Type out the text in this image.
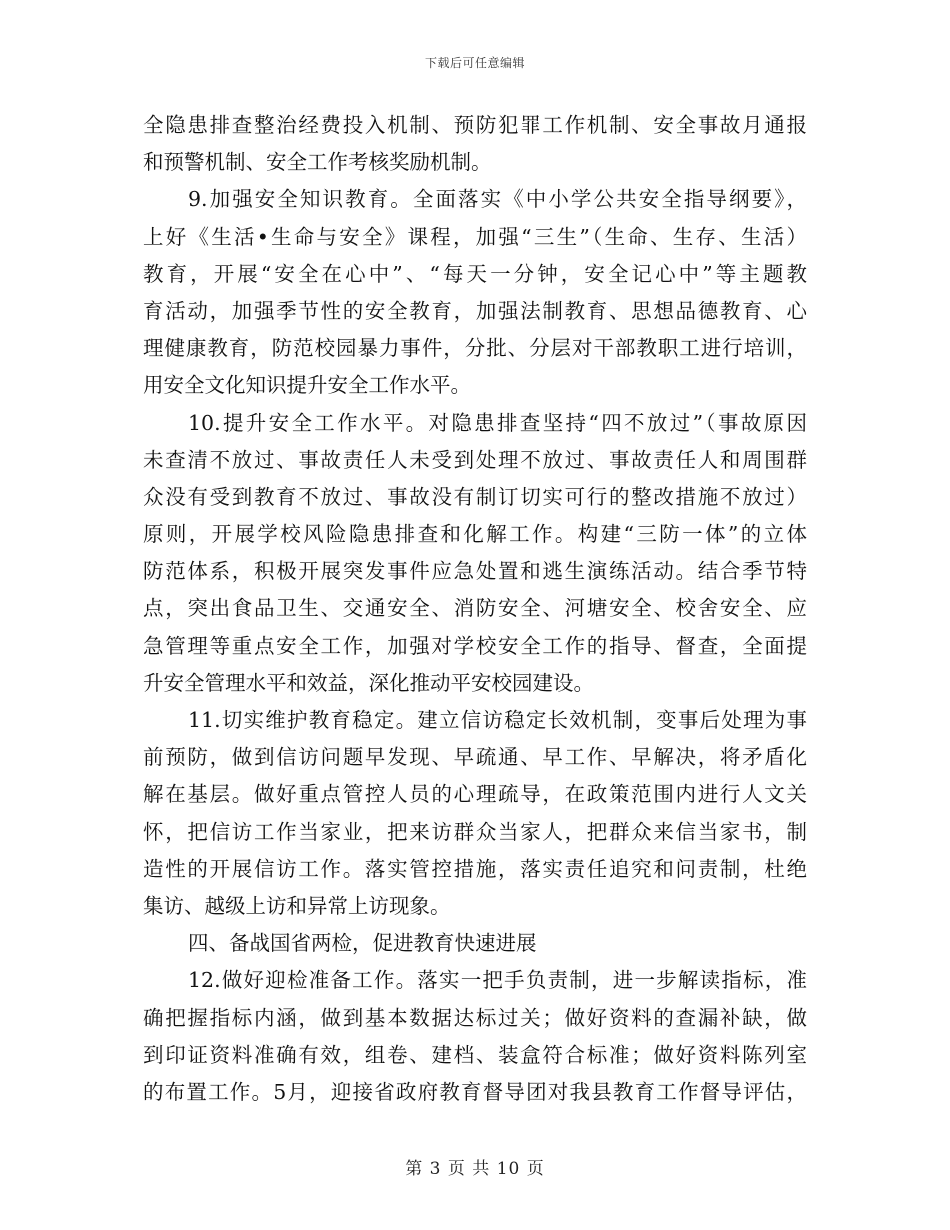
下载后可任意编辑
全隐患排查整治经费投入机制、预防犯罪工作机制、安全事故月通报
和预警机制、安全工作考核奖励机制。
9.加强安全知识教育。全面落实《中小学公共安全指导纲要》，
上好《生活•生命与安全》课程，加强“三生”（生命、生存、生活）
教育，开展“安全在心中”、“每天一分钟，安全记心中”等主题教
育活动，加强季节性的安全教育，加强法制教育、思想品德教育、心
理健康教育，防范校园暴力事件，分批、分层对干部教职工进行培训，
用安全文化知识提升安全工作水平。
10.提升安全工作水平。对隐患排查坚持“四不放过”（事故原因
未查清不放过、事故责任人未受到处理不放过、事故责任人和周围群
众没有受到教育不放过、事故没有制订切实可行的整改措施不放过）
原则，开展学校风险隐患排查和化解工作。构建“三防一体”的立体
防范体系，积极开展突发事件应急处置和逃生演练活动。结合季节特
点，突出食品卫生、交通安全、消防安全、河塘安全、校舍安全、应
急管理等重点安全工作，加强对学校安全工作的指导、督查，全面提
升安全管理水平和效益，深化推动平安校园建设。
11.切实维护教育稳定。建立信访稳定长效机制，变事后处理为事
前预防，做到信访问题早发现、早疏通、早工作、早解决，将矛盾化
解在基层。做好重点管控人员的心理疏导，在政策范围内进行人文关
怀，把信访工作当家业，把来访群众当家人，把群众来信当家书，制
造性的开展信访工作。落实管控措施，落实责任追究和问责制，杜绝
集访、越级上访和异常上访现象。
四、备战国省两检，促进教育快速进展
12.做好迎检准备工作。落实一把手负责制，进一步解读指标，准
确把握指标内涵，做到基本数据达标过关；做好资料的查漏补缺，做
到印证资料准确有效，组卷、建档、装盒符合标准；做好资料陈列室
的布置工作。5月，迎接省政府教育督导团对我县教育工作督导评估，
第 3 页 共 10 页
